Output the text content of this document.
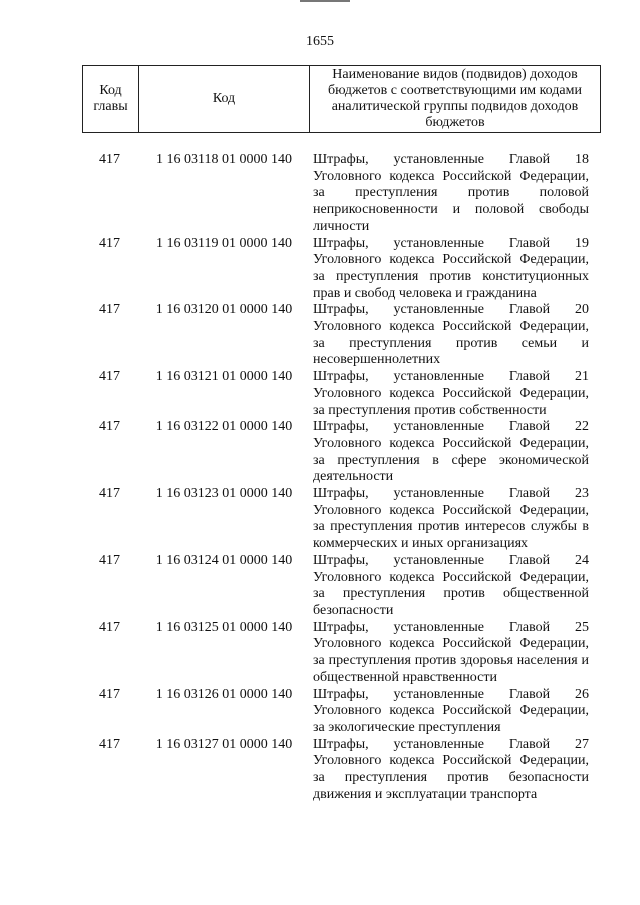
1655
Код главы	Код	Наименование видов (подвидов) доходов бюджетов с соответствующими им кодами аналитической группы подвидов доходов бюджетов
417	1 16 03118 01 0000 140	Штрафы, установленные Главой 18 Уголовного кодекса Российской Федерации, за преступления против половой неприкосновенности и половой свободы личности
417	1 16 03119 01 0000 140	Штрафы, установленные Главой 19 Уголовного кодекса Российской Федерации, за преступления против конституционных прав и свобод человека и гражданина
417	1 16 03120 01 0000 140	Штрафы, установленные Главой 20 Уголовного кодекса Российской Федерации, за преступления против семьи и несовершеннолетних
417	1 16 03121 01 0000 140	Штрафы, установленные Главой 21 Уголовного кодекса Российской Федерации, за преступления против собственности
417	1 16 03122 01 0000 140	Штрафы, установленные Главой 22 Уголовного кодекса Российской Федерации, за преступления в сфере экономической деятельности
417	1 16 03123 01 0000 140	Штрафы, установленные Главой 23 Уголовного кодекса Российской Федерации, за преступления против интересов службы в коммерческих и иных организациях
417	1 16 03124 01 0000 140	Штрафы, установленные Главой 24 Уголовного кодекса Российской Федерации, за преступления против общественной безопасности
417	1 16 03125 01 0000 140	Штрафы, установленные Главой 25 Уголовного кодекса Российской Федерации, за преступления против здоровья населения и общественной нравственности
417	1 16 03126 01 0000 140	Штрафы, установленные Главой 26 Уголовного кодекса Российской Федерации, за экологические преступления
417	1 16 03127 01 0000 140	Штрафы, установленные Главой 27 Уголовного кодекса Российской Федерации, за преступления против безопасности движения и эксплуатации транспорта
